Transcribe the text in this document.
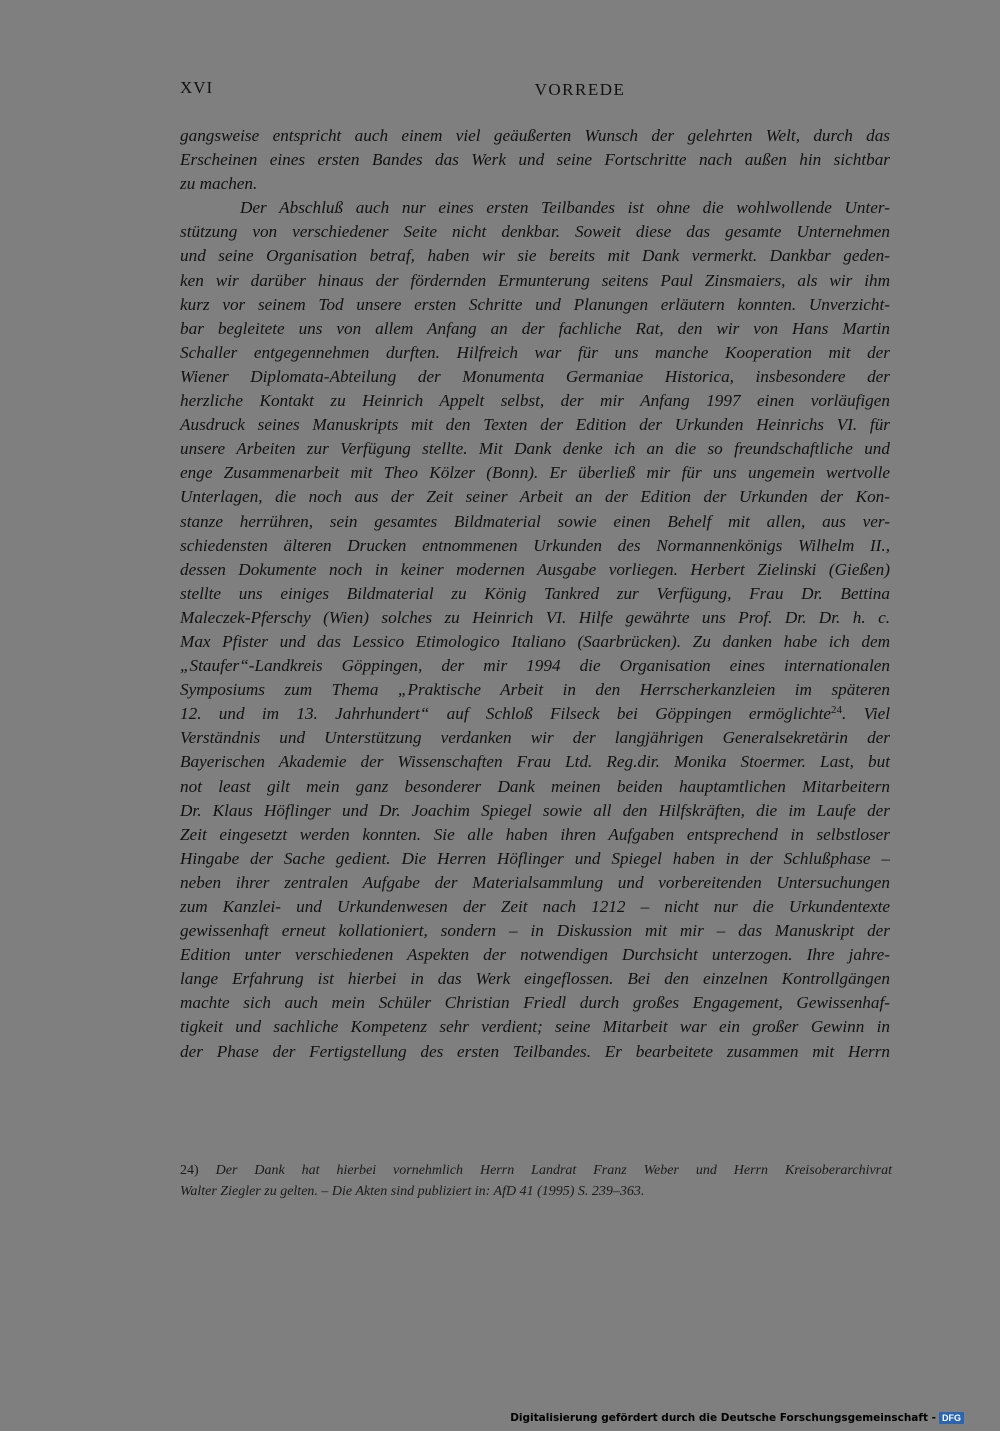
XVI	VORREDE
gangsweise entspricht auch einem viel geäußerten Wunsch der gelehrten Welt, durch das
Erscheinen eines ersten Bandes das Werk und seine Fortschritte nach außen hin sichtbar
zu machen.
Der Abschluß auch nur eines ersten Teilbandes ist ohne die wohlwollende Unter-
stützung von verschiedener Seite nicht denkbar. Soweit diese das gesamte Unternehmen
und seine Organisation betraf, haben wir sie bereits mit Dank vermerkt. Dankbar geden-
ken wir darüber hinaus der fördernden Ermunterung seitens Paul Zinsmaiers, als wir ihm
kurz vor seinem Tod unsere ersten Schritte und Planungen erläutern konnten. Unverzicht-
bar begleitete uns von allem Anfang an der fachliche Rat, den wir von Hans Martin
Schaller entgegennehmen durften. Hilfreich war für uns manche Kooperation mit der
Wiener Diplomata-Abteilung der Monumenta Germaniae Historica, insbesondere der
herzliche Kontakt zu Heinrich Appelt selbst, der mir Anfang 1997 einen vorläufigen
Ausdruck seines Manuskripts mit den Texten der Edition der Urkunden Heinrichs VI. für
unsere Arbeiten zur Verfügung stellte. Mit Dank denke ich an die so freundschaftliche und
enge Zusammenarbeit mit Theo Kölzer (Bonn). Er überließ mir für uns ungemein wertvolle
Unterlagen, die noch aus der Zeit seiner Arbeit an der Edition der Urkunden der Kon-
stanze herrühren, sein gesamtes Bildmaterial sowie einen Behelf mit allen, aus ver-
schiedensten älteren Drucken entnommenen Urkunden des Normannenkönigs Wilhelm II.,
dessen Dokumente noch in keiner modernen Ausgabe vorliegen. Herbert Zielinski (Gießen)
stellte uns einiges Bildmaterial zu König Tankred zur Verfügung, Frau Dr. Bettina
Maleczek-Pferschy (Wien) solches zu Heinrich VI. Hilfe gewährte uns Prof. Dr. Dr. h. c.
Max Pfister und das Lessico Etimologico Italiano (Saarbrücken). Zu danken habe ich dem
„Staufer“-Landkreis Göppingen, der mir 1994 die Organisation eines internationalen
Symposiums zum Thema „Praktische Arbeit in den Herrscherkanzleien im späteren
12. und im 13. Jahrhundert“ auf Schloß Filseck bei Göppingen ermöglichte$^{24}$. Viel
Verständnis und Unterstützung verdanken wir der langjährigen Generalsekretärin der
Bayerischen Akademie der Wissenschaften Frau Ltd. Reg.dir. Monika Stoermer. Last, but
not least gilt mein ganz besonderer Dank meinen beiden hauptamtlichen Mitarbeitern
Dr. Klaus Höflinger und Dr. Joachim Spiegel sowie all den Hilfskräften, die im Laufe der
Zeit eingesetzt werden konnten. Sie alle haben ihren Aufgaben entsprechend in selbstloser
Hingabe der Sache gedient. Die Herren Höflinger und Spiegel haben in der Schlußphase –
neben ihrer zentralen Aufgabe der Materialsammlung und vorbereitenden Untersuchungen
zum Kanzlei- und Urkundenwesen der Zeit nach 1212 – nicht nur die Urkundentexte
gewissenhaft erneut kollationiert, sondern – in Diskussion mit mir – das Manuskript der
Edition unter verschiedenen Aspekten der notwendigen Durchsicht unterzogen. Ihre jahre-
lange Erfahrung ist hierbei in das Werk eingeflossen. Bei den einzelnen Kontrollgängen
machte sich auch mein Schüler Christian Friedl durch großes Engagement, Gewissenhaf-
tigkeit und sachliche Kompetenz sehr verdient; seine Mitarbeit war ein großer Gewinn in
der Phase der Fertigstellung des ersten Teilbandes. Er bearbeitete zusammen mit Herrn
24) Der Dank hat hierbei vornehmlich Herrn Landrat Franz Weber und Herrn Kreisoberarchivrat
Walter Ziegler zu gelten. – Die Akten sind publiziert in: AfD 41 (1995) S. 239–363.
Digitalisierung gefördert durch die Deutsche Forschungsgemeinschaft - DFG
